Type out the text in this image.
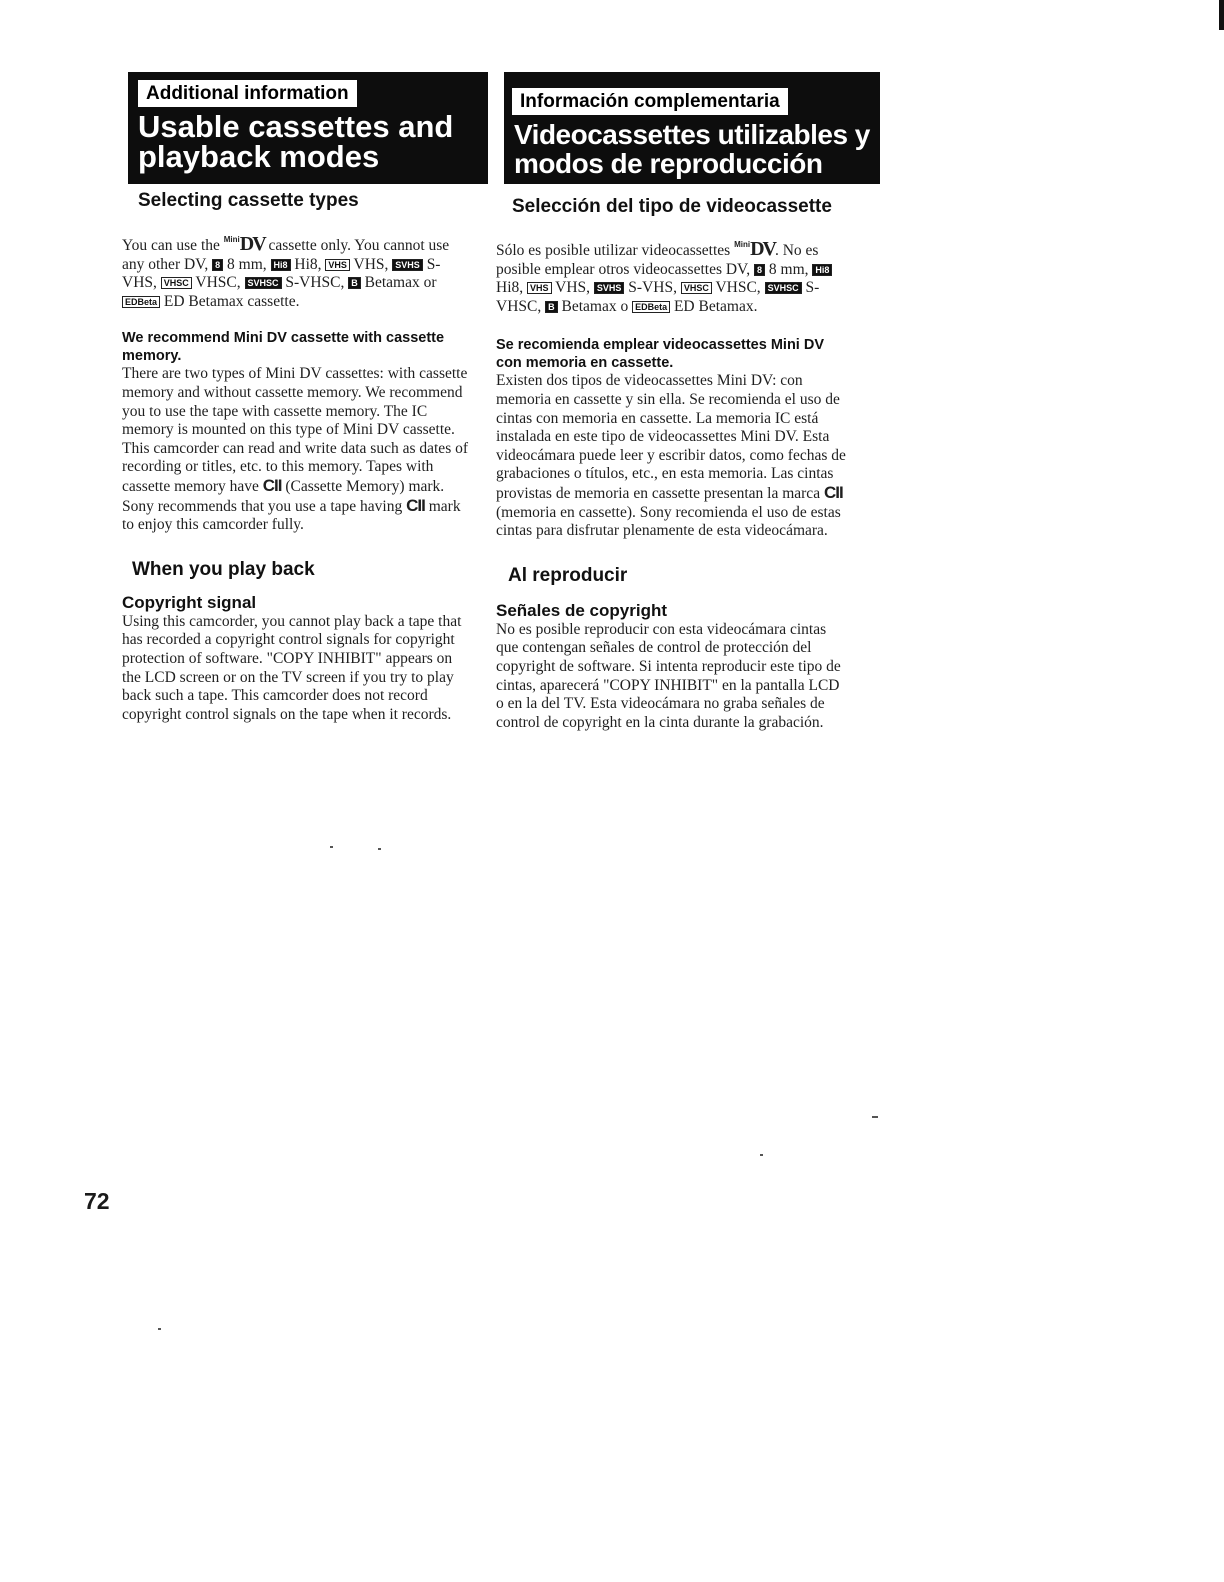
Additional information
Usable cassettes and playback modes
Información complementaria
Videocassettes utilizables y modos de reproducción
Selecting cassette types

You can use the $^{Mini}$DV cassette only. You cannot use any other DV, 8 8 mm, Hi8 Hi8, VHS VHS, SVHS S-VHS, VHSC VHSC, SVHSC S-VHSC, B Betamax or EDBeta ED Betamax cassette.

We recommend Mini DV cassette with cassette memory.

There are two types of Mini DV cassettes: with cassette memory and without cassette memory. We recommend you to use the tape with cassette memory. The IC memory is mounted on this type of Mini DV cassette. This camcorder can read and write data such as dates of recording or titles, etc. to this memory. Tapes with cassette memory have CII (Cassette Memory) mark. Sony recommends that you use a tape having CII mark to enjoy this camcorder fully.

When you play back
Copyright signal

Using this camcorder, you cannot play back a tape that has recorded a copyright control signals for copyright protection of software. "COPY INHIBIT" appears on the LCD screen or on the TV screen if you try to play back such a tape. This camcorder does not record copyright control signals on the tape when it records.

Selección del tipo de videocassette

Sólo es posible utilizar videocassettes $^{Mini}$DV. No es posible emplear otros videocassettes DV, 8 8 mm, Hi8 Hi8, VHS VHS, SVHS S-VHS, VHSC VHSC, SVHSC S-VHSC, B Betamax o EDBeta ED Betamax.

Se recomienda emplear videocassettes Mini DV con memoria en cassette.

Existen dos tipos de videocassettes Mini DV: con memoria en cassette y sin ella. Se recomienda el uso de cintas con memoria en cassette. La memoria IC está instalada en este tipo de videocassettes Mini DV. Esta videocámara puede leer y escribir datos, como fechas de grabaciones o títulos, etc., en esta memoria. Las cintas provistas de memoria en cassette presentan la marca CII (memoria en cassette). Sony recomienda el uso de estas cintas para disfrutar plenamente de esta videocámara.

Al reproducir
Señales de copyright

No es posible reproducir con esta videocámara cintas que contengan señales de control de protección del copyright de software. Si intenta reproducir este tipo de cintas, aparecerá "COPY INHIBIT" en la pantalla LCD o en la del TV. Esta videocámara no graba señales de control de copyright en la cinta durante la grabación.

72
